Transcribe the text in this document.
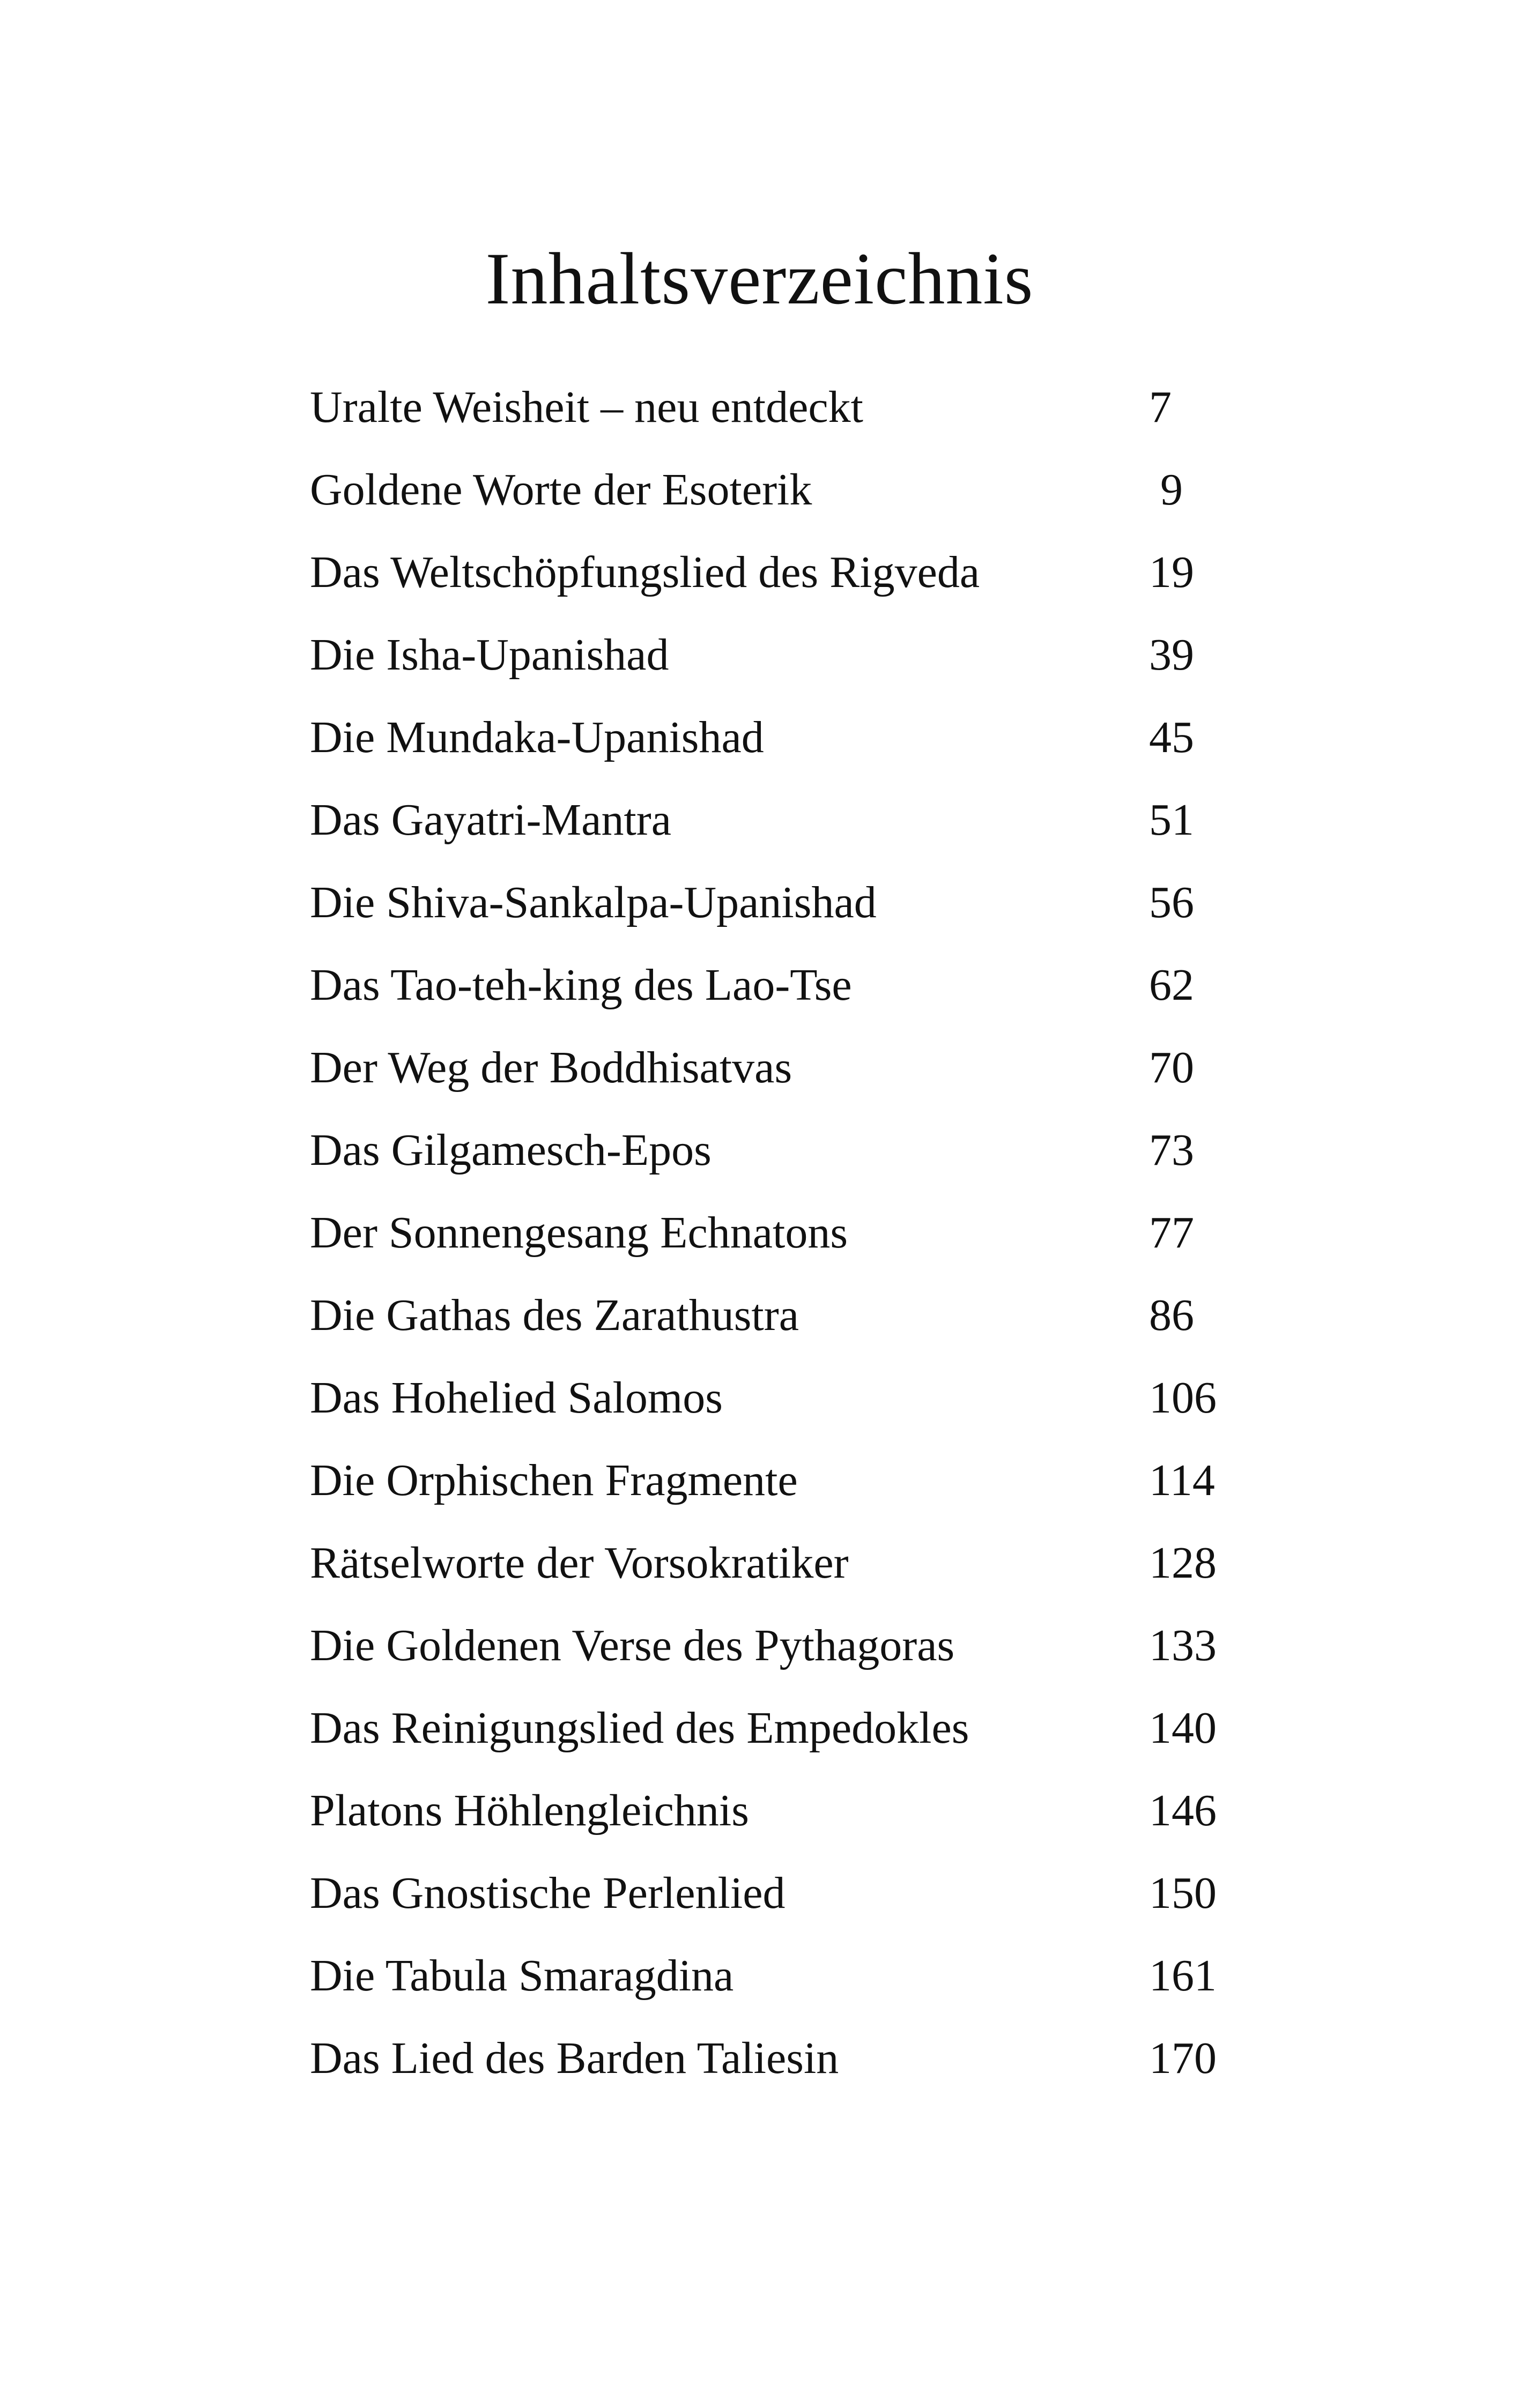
Inhaltsverzeichnis
Uralte Weisheit – neu entdeckt	7
Goldene Worte der Esoterik	9
Das Weltschöpfungslied des Rigveda	19
Die Isha-Upanishad	39
Die Mundaka-Upanishad	45
Das Gayatri-Mantra	51
Die Shiva-Sankalpa-Upanishad	56
Das Tao-teh-king des Lao-Tse	62
Der Weg der Boddhisatvas	70
Das Gilgamesch-Epos	73
Der Sonnengesang Echnatons	77
Die Gathas des Zarathustra	86
Das Hohelied Salomos	106
Die Orphischen Fragmente	114
Rätselworte der Vorsokratiker	128
Die Goldenen Verse des Pythagoras	133
Das Reinigungslied des Empedokles	140
Platons Höhlengleichnis	146
Das Gnostische Perlenlied	150
Die Tabula Smaragdina	161
Das Lied des Barden Taliesin	170
